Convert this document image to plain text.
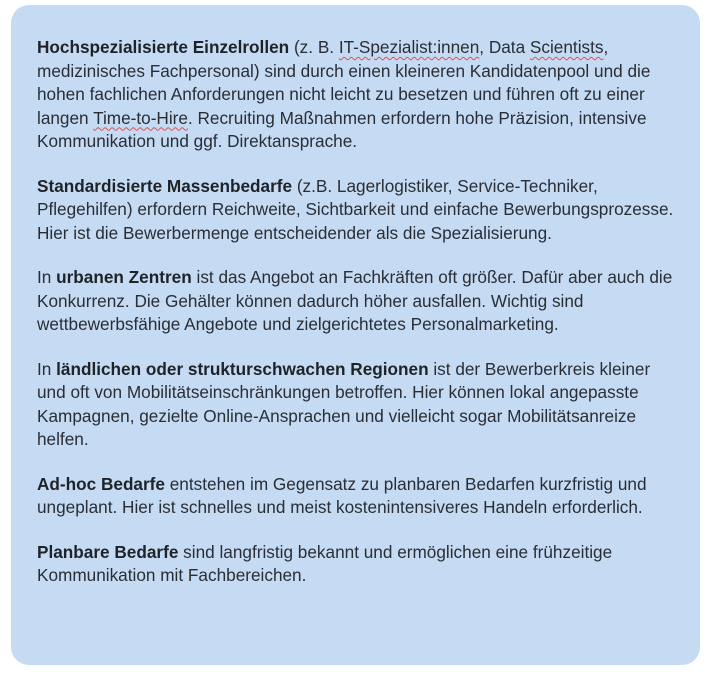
Hochspezialisierte Einzelrollen (z. B. IT-Spezialist:innen, Data Scientists, medizinisches Fachpersonal) sind durch einen kleineren Kandidatenpool und die hohen fachlichen Anforderungen nicht leicht zu besetzen und führen oft zu einer langen Time-to-Hire. Recruiting Maßnahmen erfordern hohe Präzision, intensive Kommunikation und ggf. Direktansprache.

Standardisierte Massenbedarfe (z.B. Lagerlogistiker, Service-Techniker, Pflegehilfen) erfordern Reichweite, Sichtbarkeit und einfache Bewerbungsprozesse. Hier ist die Bewerbermenge entscheidender als die Spezialisierung.

In urbanen Zentren ist das Angebot an Fachkräften oft größer. Dafür aber auch die Konkurrenz. Die Gehälter können dadurch höher ausfallen. Wichtig sind wettbewerbsfähige Angebote und zielgerichtetes Personalmarketing.

In ländlichen oder strukturschwachen Regionen ist der Bewerberkreis kleiner und oft von Mobilitätseinschränkungen betroffen. Hier können lokal angepasste Kampagnen, gezielte Online-Ansprachen und vielleicht sogar Mobilitätsanreize helfen.

Ad-hoc Bedarfe entstehen im Gegensatz zu planbaren Bedarfen kurzfristig und ungeplant. Hier ist schnelles und meist kostenintensiveres Handeln erforderlich.

Planbare Bedarfe sind langfristig bekannt und ermöglichen eine frühzeitige Kommunikation mit Fachbereichen.
